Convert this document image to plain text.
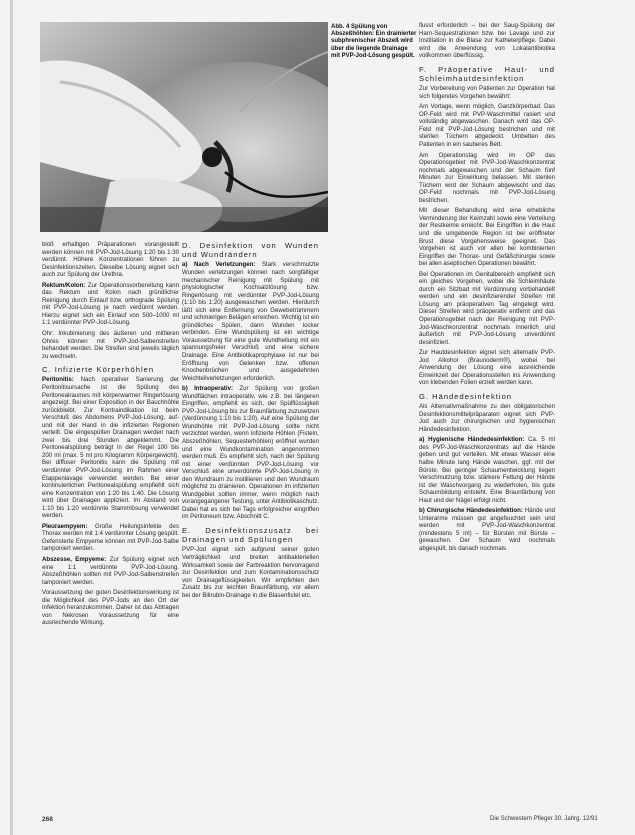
Abb. 4 Spülung von Abszeßhöhlen: Ein drainierter subphrenischer Abszeß wird über die liegende Drainage mit PVP-Jod-Lösung gespült.

bloß erhaltigen Präparationen vorangestellt werden können mit PVP-Jod-Lösung 1:20 bis 1:30 verdünnt. Höhere Konzentrationen führen zu Desinfektionszeiten. Dieselbe Lösung eignet sich auch zur Spülung der Urethra.

Rektum/Kolon: Zur Operationsvorbereitung kann das Rektum und Kolon nach gründlicher Reinigung durch Einlauf bzw. orthograde Spülung mit PVP-Jod-Lösung je nach verdünnt werden. Hierzu eignet sich ein Einlauf von 500–1000 ml 1:1 verdünnter PVP-Jod-Lösung.

Ohr: Inkubinierung des äußeren und mittleren Ohres können mit PVP-Jod-Salbenstreifen behandelt werden. Die Streifen sind jeweils täglich zu wechseln.

C. Infizierte Körperhöhlen

Peritonitis: Nach operativer Sanierung der Peritonitisursache ist die Spülung des Peritonealraumes mit körperwarmer Ringerlösung angezeigt. Bei einer Exposition in der Bauchhöhle zurückbleibt. Zur Kontraindikation ist beim Verschluß des Abdomens PVP-Jod-Lösung, auf- und mit der Hand in die infizierten Regionen verteilt. Die eingespülten Drainagen werden nach zwei bis drei Stunden abgeklemmt. Die Peritonealspülung beträgt in der Regel 100 bis 200 ml (max. 5 ml pro Kilogramm Körpergewicht). Bei diffuser Peritonitis kann die Spülung mit verdünnter PVP-Jod-Lösung im Rahmen einer Etappenlavage verwendet werden. Bei einer kontinuierlichen Peritonealspülung empfiehlt sich eine Konzentration von 1:20 bis 1:40. Die Lösung wird über Drainagen appliziert. Im Abstand von 1:10 bis 1:20 verdünnte Stammlösung verwendet werden.

Pleuraempyem: Große Heilungsinfekte des Thorax werden mit 1:4 verdünnter Lösung gespült. Gefensterte Empyeme können mit PVP-Jod-Salbe tamponiert werden.

Abszesse, Empyeme: Zur Spülung eignet sich eine 1:1 verdünnte PVP-Jod-Lösung. Abszeßhöhlen sollten mit PVP-Jod-Salbenstreifen tamponiert werden.

Voraussetzung der guten Desinfektionswirkung ist die Möglichkeit des PVP-Jods an den Ort der Infektion heranzukommen. Daher ist das Abtragen von Nekrosen Voraussetzung für eine ausreichende Wirkung.

D. Desinfektion von Wunden und Wundrändern

a) Nach Verletzungen: Stark verschmutzte Wunden verletzungen können nach sorgfältiger mechanischer Reinigung mit Spülung mit physiologischer Kochsalzlösung bzw. Ringerlösung mit verdünnter PVP-Jod-Lösung (1:10 bis 1:20) ausgewaschen werden. Hierdurch läßt sich eine Entfernung von Gewebetrümmern und schmierigen Belägen erreichen. Wichtig ist ein gründliches Spülen, dann Wunden locker verbinden. Eine Wundspülung ist ein wichtige Voraussetzung für eine gute Wundheilung mit ein spannungsfreier Verschluß und eine sichere Drainage. Eine Antibiotikaprophylaxe ist nur bei Eröffnung von Gelenken bzw. offenen Knochenbrüchen und ausgedehnten Weichteilverletzungen erforderlich.

b) Intraoperativ: Zur Spülung von großen Wundflächen intraoperativ, wie z.B. bei längeren Eingriffen, empfiehlt es sich, der Spülflüssigkeit PVP-Jod-Lösung bis zur Braunfärbung zuzusetzen (Verdünnung 1:10 bis 1:20). Auf eine Spülung der Wundhöhle mit PVP-Jod-Lösung sollte nicht verzichtet werden, wenn infizierte Höhlen (Fisteln, Abszeßhöhlen, Sequesterhöhlen) eröffnet wurden und eine Wundkontamination angenommen werden muß. Es empfiehlt sich, nach der Spülung mit einer verdünnten PVP-Jod-Lösung vor Verschluß eine unverdünnte PVP-Jod-Lösung in den Wundraum zu instillieren und den Wundraum möglichst zu drainieren. Operationen im infizierten Wundgebiet sollten immer, wenn möglich nach vorangegangener Testung, unter Antibiotikaschutz. Dabei hat es sich bei Tags erfolgreicher eingriffen im Peritoneum bzw. Abschnitt C.

E. Desinfektionszusatz bei Drainagen und Spülungen

PVP-Jod eignet sich aufgrund seiner guten Verträglichkeit und breiten antibakteriellen Wirksamkeit sowie der Farbreaktion hervorragend zur Desinfektion und zum Kontaminationsschutz von Drainageflüssigkeiten. Wir empfehlen den Zusatz bis zur leichten Braunfärbung, vor allem bei der Bilirubin-Drainage in die Blasenfistel etc.

flusst erforderlich – bei der Saug-Spülung der Harn-Sequestrationen bzw. bei Lavage und zur Instillation in die Blase zur Katheterpflege. Dabei wird die Anwendung von Lokalantibiotika vollkommen überflüssig.

F. Präoperative Haut- und Schleimhautdesinfektion

Zur Vorbereitung von Patienten zur Operation hat sich folgendes Vorgehen bewährt:

Am Vortage, wenn möglich, Ganzkörperbad. Das OP-Feld wird mit PVP-Waschmittel rasiert und vollständig abgewaschen. Danach wird das OP-Feld mit PVP-Jod-Lösung bestrichen und mit sterilen Tüchern abgedeckt. Umbetten des Patienten in ein sauberes Bett.

Am Operationstag wird im OP das Operationsgebiet mit PVP-Jod-Waschkonzentrat nochmals abgewaschen und der Schaum fünf Minuten zur Einwirkung belassen. Mit sterilen Tüchern wird der Schaum abgewischt und das OP-Feld nochmals mit PVP-Jod-Lösung bestrichen.

Mit dieser Behandlung wird eine erhebliche Verminderung der Keimzahl sowie eine Verteilung der Restkeime erreicht. Bei Eingriffen in die Haut und die umgebende Region ist bei eröffneter Brust diese Vorgehensweise geeignet. Das Vorgehen ist auch vor allen bei kombinierten Eingriffen der Thorax- und Gefäßchirurgie sowie bei allen aseptischen Operationen bewährt.

Bei Operationen im Genitalbereich empfiehlt sich ein gleiches Vorgehen, wobei die Schleimhäute durch ein Sitzbad mit Verdünnung vorbehandelt werden und ein desinfizierender Streifen mit Lösung am präoperativen Tag eingelegt wird. Dieser Streifen wird präoperativ entfernt und das Operationsgebiet nach der Reinigung mit PVP-Jod-Waschkonzentrat nochmals innerlich und äußerlich mit PVP-Jod-Lösung unverdünnt desinfiziert.

Zur Hautdesinfektion eignet sich alternativ PVP-Jod Alkohol (Braunoderm®), wobei bei Anwendung der Lösung eine ausreichende Einwirkzeit der Operationsstellen ins Anwendung von klebenden Folien erzielt werden kann.

G. Händedesinfektion

Als Alternativmaßnahme zu den obligatorischen Desinfektionsmittelpräparaten eignet sich PVP-Jod auch zur chirurgischen und hygienischen Händedesinfektion.

a) Hygienische Händedesinfektion: Ca. 5 ml des PVP-Jod-Waschkonzentrats auf die Hände geben und gut verteilen. Mit etwas Wasser eine halbe Minute lang Hände waschen, ggf. mit der Bürste. Bei geringer Schaumentwicklung liegen Verschmutzung bzw. stärkere Fettung der Hände ist der Waschvorgang zu wiederholen, bis gute Schaumbildung entsteht. Eine Braunfärbung von Haut und der Nägel erfolgt nicht.

b) Chirurgische Händedesinfektion: Hände und Unterarme müssen gut angefeuchtet sein und werden mit PVP-Jod-Waschkonzentrat (mindestens 5 ml) – für Bürsten mit Bürste – gewaschen. Der Schaum wird nochmals abgespült, bis danach nochmals

268	Die Schwestern Pfleger 30. Jahrg. 12/91
